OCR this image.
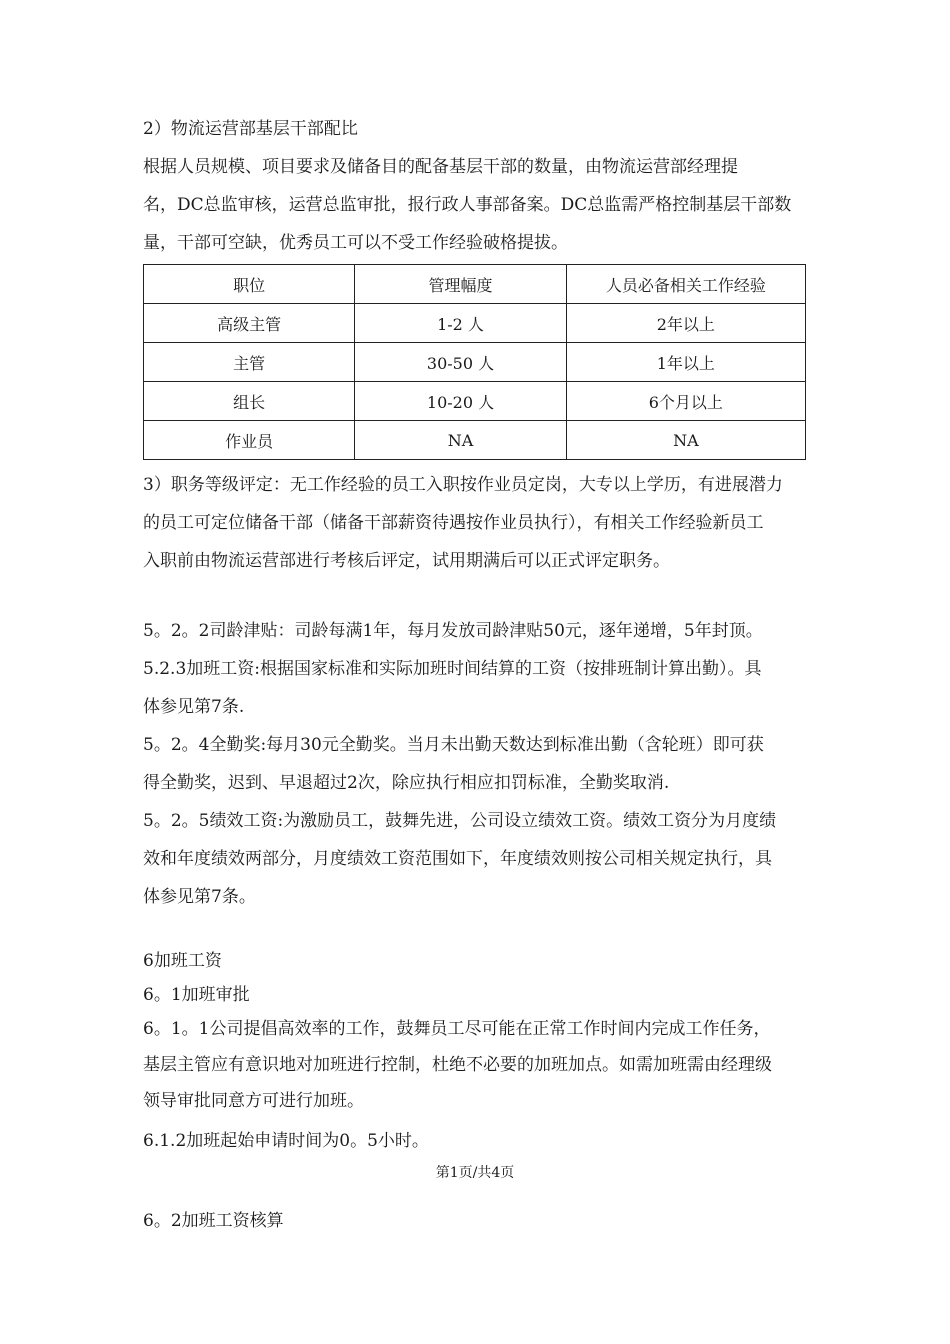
2）物流运营部基层干部配比
根据人员规模、项目要求及储备目的配备基层干部的数量，由物流运营部经理提
名，DC总监审核，运营总监审批，报行政人事部备案。DC总监需严格控制基层干部数
量，干部可空缺，优秀员工可以不受工作经验破格提拔。
职位	管理幅度	人员必备相关工作经验
高级主管	1-2 人	2年以上
主管	30-50 人	1年以上
组长	10-20 人	6个月以上
作业员	NA	NA
3）职务等级评定：无工作经验的员工入职按作业员定岗，大专以上学历，有进展潜力
的员工可定位储备干部（储备干部薪资待遇按作业员执行），有相关工作经验新员工
入职前由物流运营部进行考核后评定，试用期满后可以正式评定职务。
5。2。2司龄津贴：司龄每满1年，每月发放司龄津贴50元，逐年递增，5年封顶。
5.2.3加班工资:根据国家标准和实际加班时间结算的工资（按排班制计算出勤）。具
体参见第7条.
5。2。4全勤奖:每月30元全勤奖。当月未出勤天数达到标准出勤（含轮班）即可获
得全勤奖，迟到、早退超过2次，除应执行相应扣罚标准，全勤奖取消.
5。2。5绩效工资:为激励员工，鼓舞先进，公司设立绩效工资。绩效工资分为月度绩
效和年度绩效两部分，月度绩效工资范围如下，年度绩效则按公司相关规定执行，具
体参见第7条。
6加班工资
6。1加班审批
6。1。1公司提倡高效率的工作，鼓舞员工尽可能在正常工作时间内完成工作任务，
基层主管应有意识地对加班进行控制，杜绝不必要的加班加点。如需加班需由经理级
领导审批同意方可进行加班。
6.1.2加班起始申请时间为0。5小时。
第1页/共4页
6。2加班工资核算
